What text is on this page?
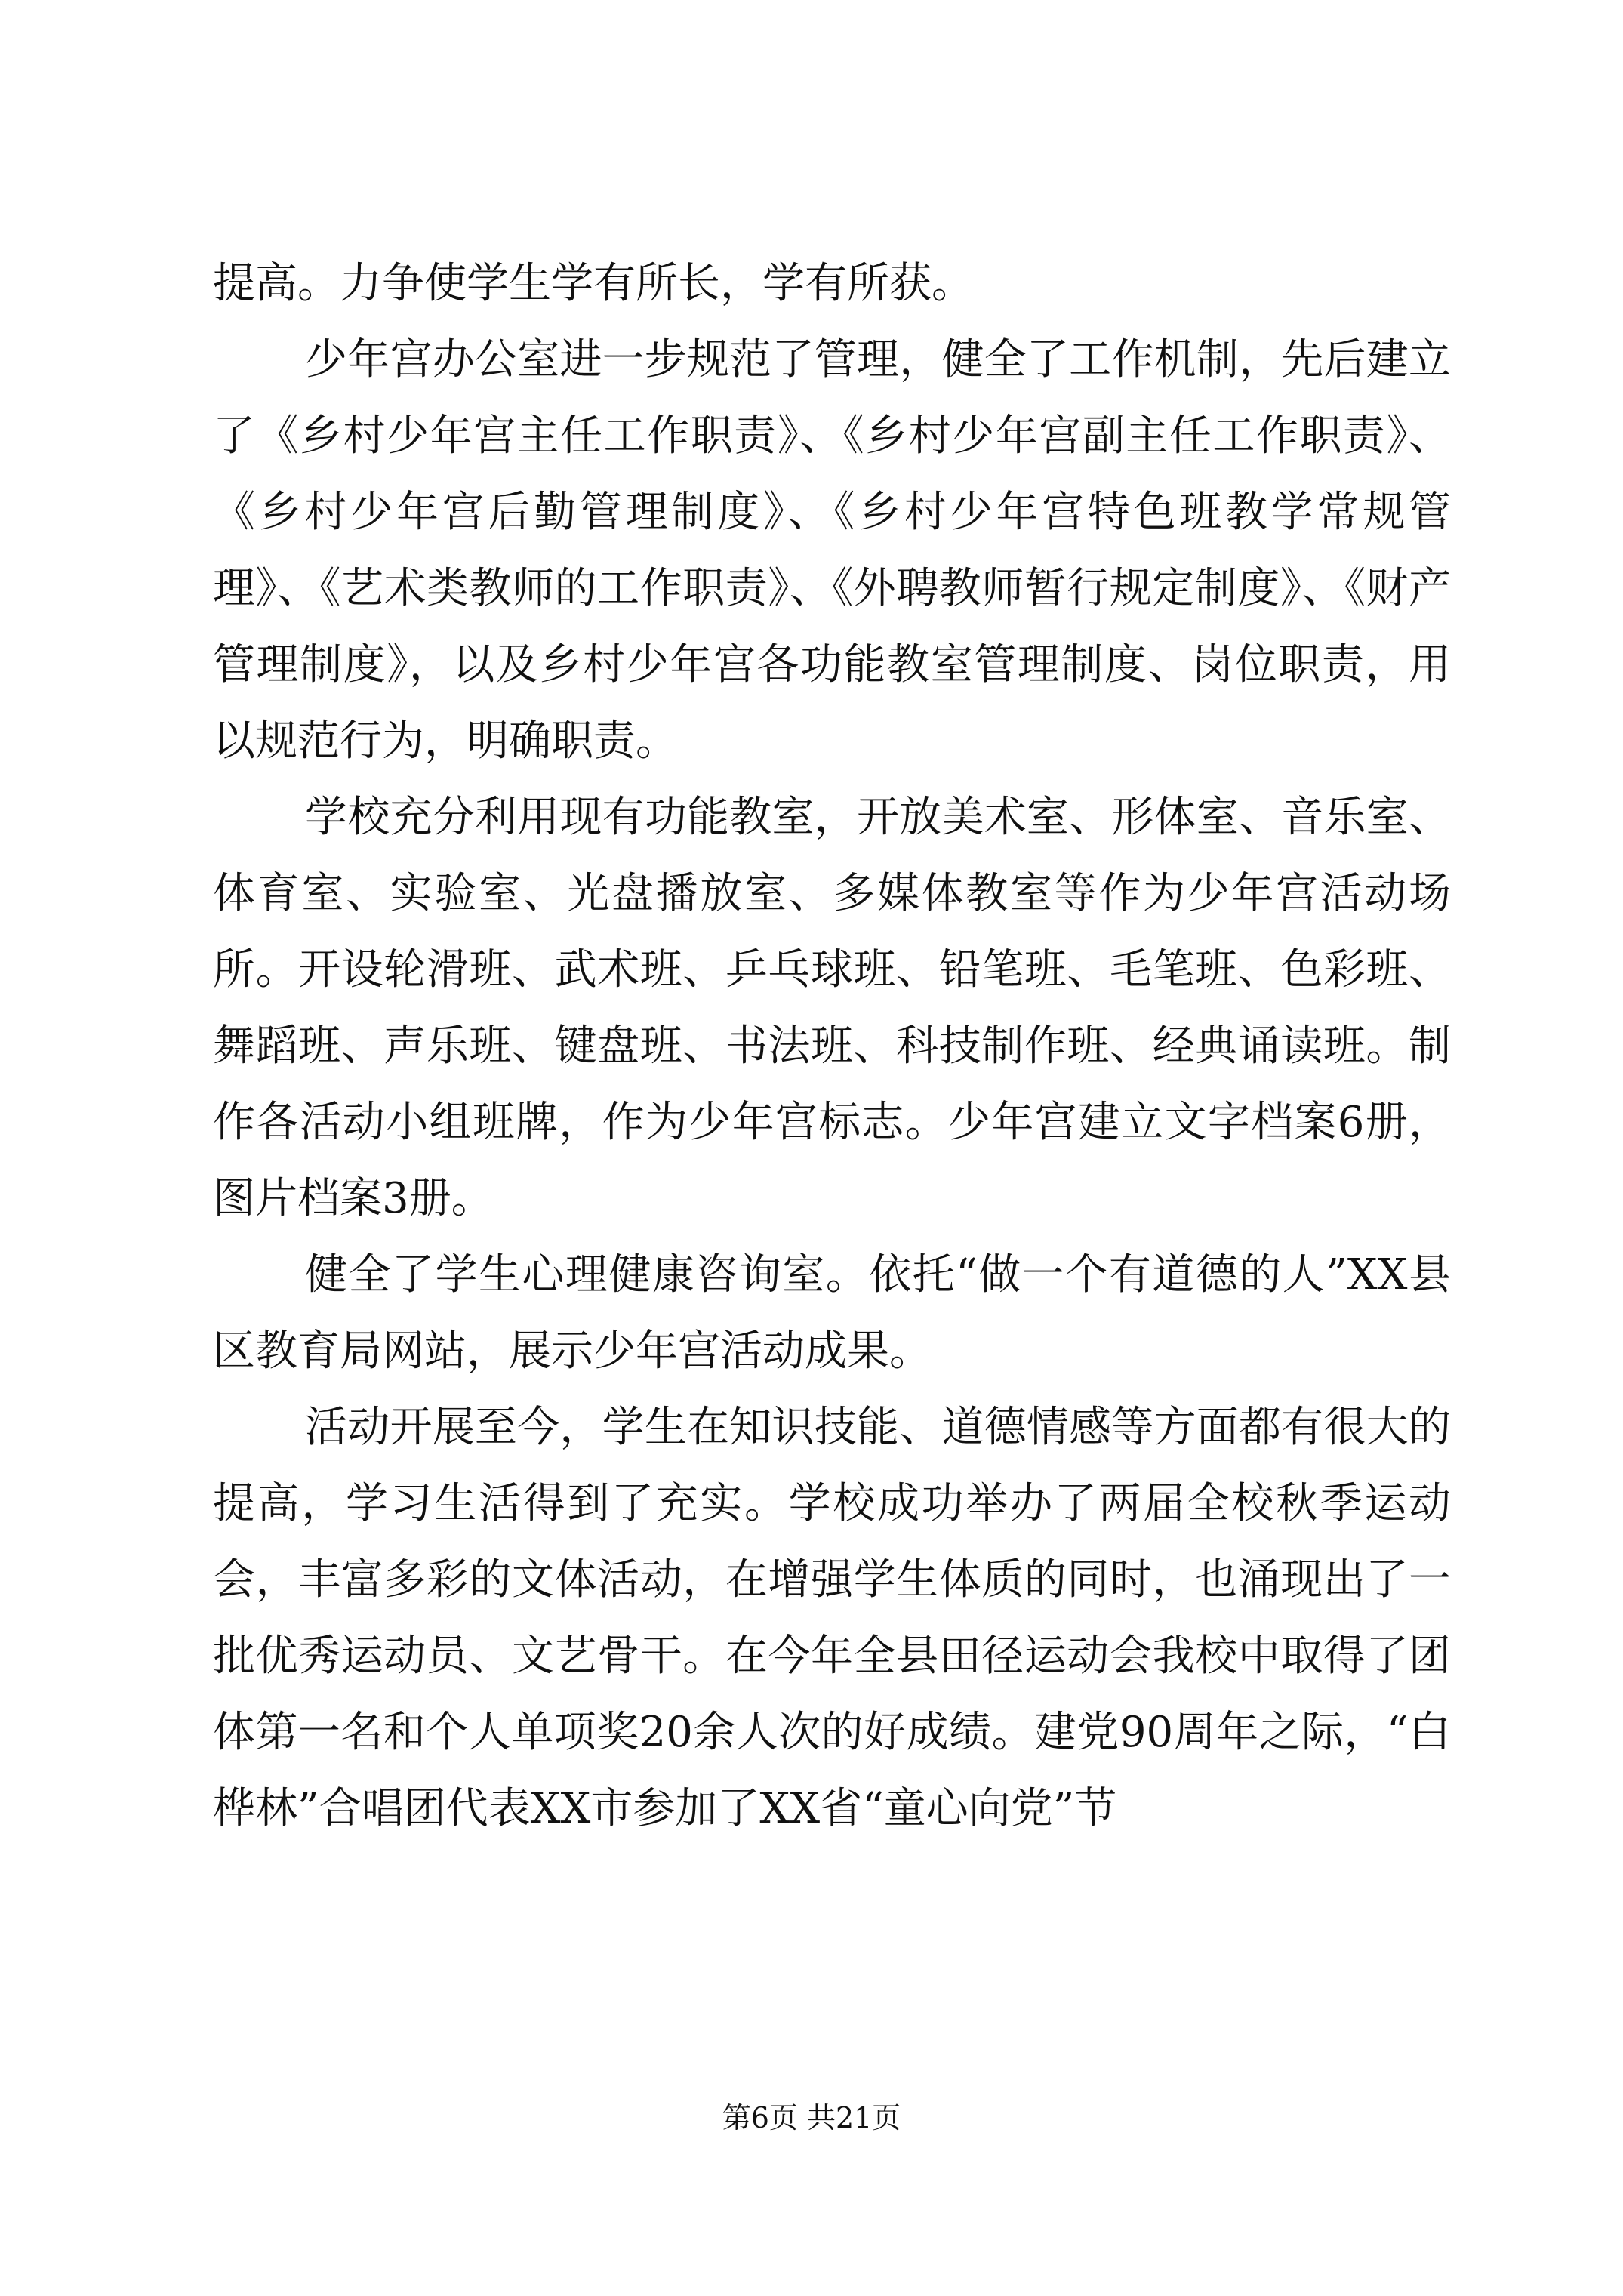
提高。力争使学生学有所长，学有所获。

少年宫办公室进一步规范了管理，健全了工作机制，先后建立了《乡村少年宫主任工作职责》、《乡村少年宫副主任工作职责》、《乡村少年宫后勤管理制度》、《乡村少年宫特色班教学常规管理》、《艺术类教师的工作职责》、《外聘教师暂行规定制度》、《财产管理制度》，以及乡村少年宫各功能教室管理制度、岗位职责，用以规范行为，明确职责。

学校充分利用现有功能教室，开放美术室、形体室、音乐室、体育室、实验室、光盘播放室、多媒体教室等作为少年宫活动场所。开设轮滑班、武术班、乒乓球班、铅笔班、毛笔班、色彩班、舞蹈班、声乐班、键盘班、书法班、科技制作班、经典诵读班。制作各活动小组班牌，作为少年宫标志。少年宫建立文字档案6册，图片档案3册。

健全了学生心理健康咨询室。依托“做一个有道德的人”XX县区教育局网站，展示少年宫活动成果。

活动开展至今，学生在知识技能、道德情感等方面都有很大的提高，学习生活得到了充实。学校成功举办了两届全校秋季运动会，丰富多彩的文体活动，在增强学生体质的同时，也涌现出了一批优秀运动员、文艺骨干。在今年全县田径运动会我校中取得了团体第一名和个人单项奖20余人次的好成绩。建党90周年之际，“白桦林”合唱团代表XX市参加了XX省“童心向党”节

第6页 共21页
